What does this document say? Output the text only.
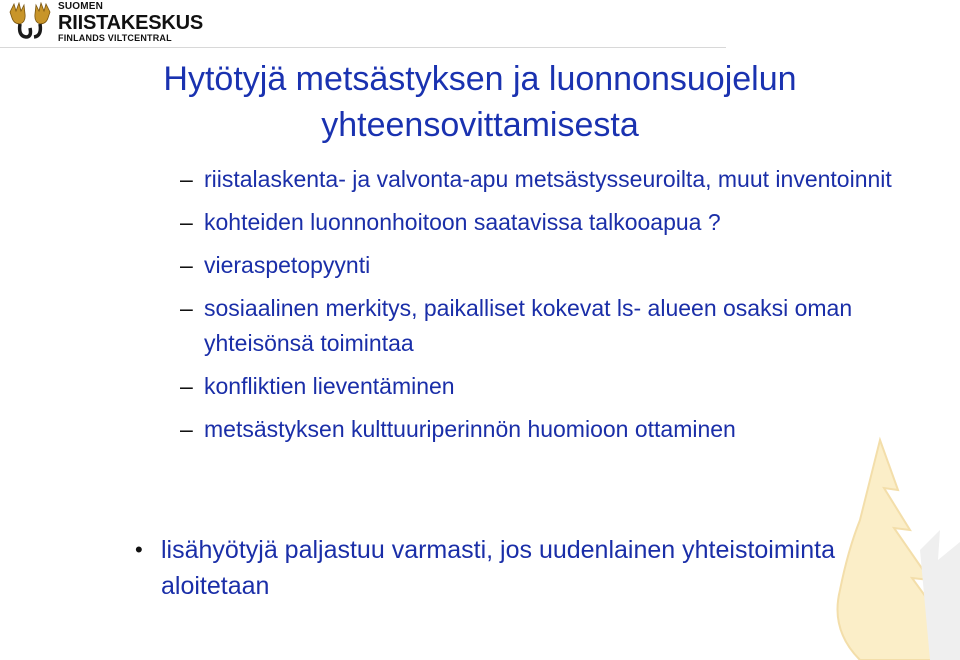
SUOMEN
RIISTAKESKUS
FINLANDS VILTCENTRAL
Hytötyjä metsästyksen ja luonnonsuojelun
yhteensovittamisesta
– riistalaskenta- ja valvonta-apu metsästysseuroilta, muut inventoinnit
– kohteiden luonnonhoitoon saatavissa talkooapua ?
– vieraspetopyynti
– sosiaalinen merkitys, paikalliset kokevat ls- alueen osaksi oman yhteisönsä toimintaa
– konfliktien lieventäminen
– metsästyksen kulttuuriperinnön huomioon ottaminen
• lisähyötyjä paljastuu varmasti, jos uudenlainen yhteistoiminta aloitetaan
